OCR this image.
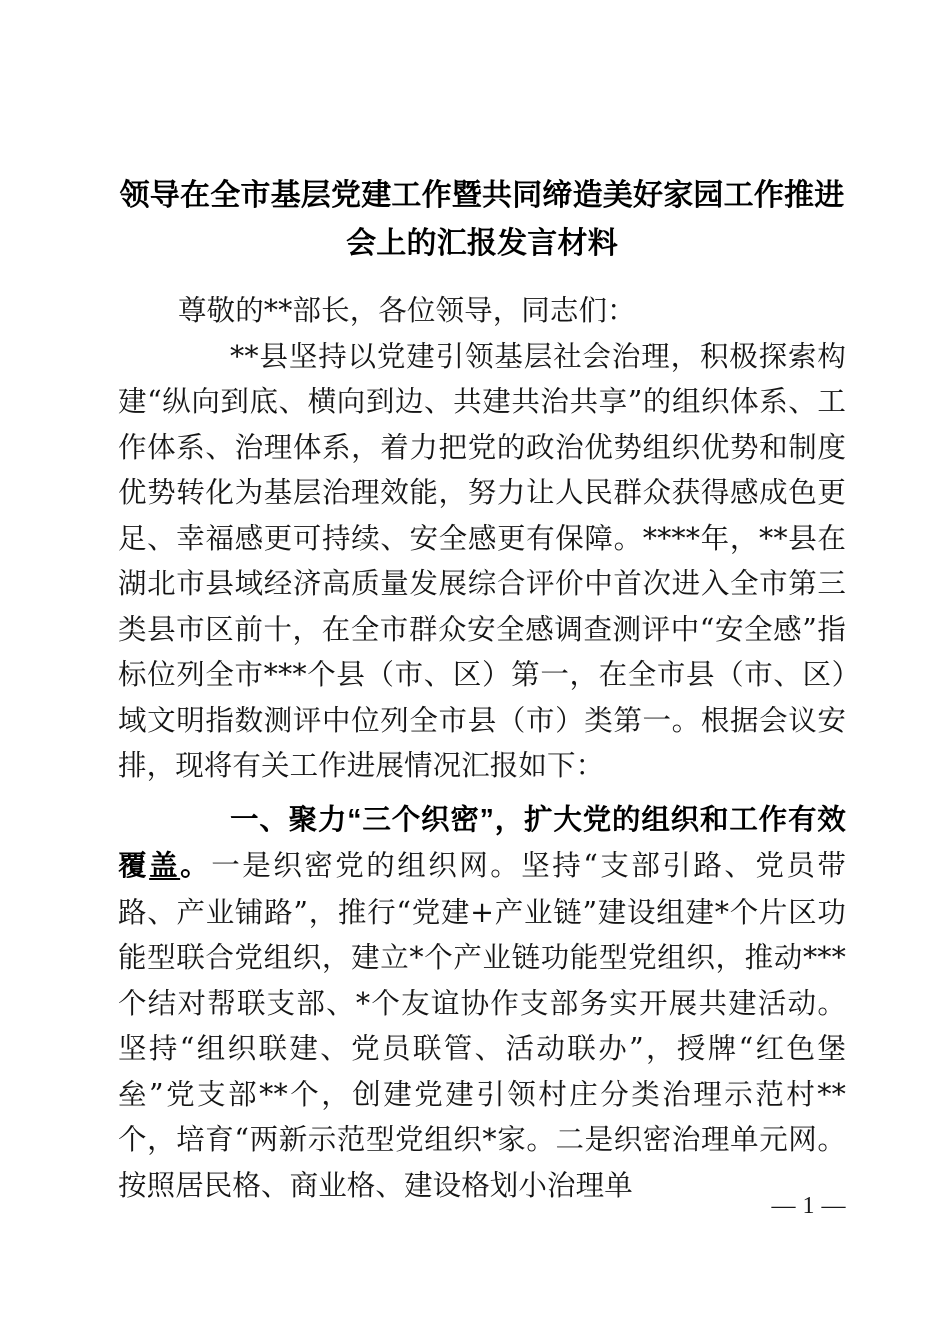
领导在全市基层党建工作暨共同缔造美好家园工作推进会上的汇报发言材料

尊敬的**部长，各位领导，同志们：

**县坚持以党建引领基层社会治理，积极探索构建“纵向到底、横向到边、共建共治共享”的组织体系、工作体系、治理体系，着力把党的政治优势组织优势和制度优势转化为基层治理效能，努力让人民群众获得感成色更足、幸福感更可持续、安全感更有保障。****年，**县在湖北市县域经济高质量发展综合评价中首次进入全市第三类县市区前十，在全市群众安全感调查测评中“安全感”指标位列全市***个县（市、区）第一，在全市县（市、区）域文明指数测评中位列全市县（市）类第一。根据会议安排，现将有关工作进展情况汇报如下：

一、聚力“三个织密”，扩大党的组织和工作有效覆盖。一是织密党的组织网。坚持“支部引路、党员带路、产业铺路”，推行“党建+产业链”建设组建*个片区功能型联合党组织，建立*个产业链功能型党组织，推动***个结对帮联支部、*个友谊协作支部务实开展共建活动。坚持“组织联建、党员联管、活动联办”，授牌“红色堡垒”党支部**个，创建党建引领村庄分类治理示范村**个，培育“两新示范型党组织*家。二是织密治理单元网。按照居民格、商业格、建设格划小治理单

— 1 —
